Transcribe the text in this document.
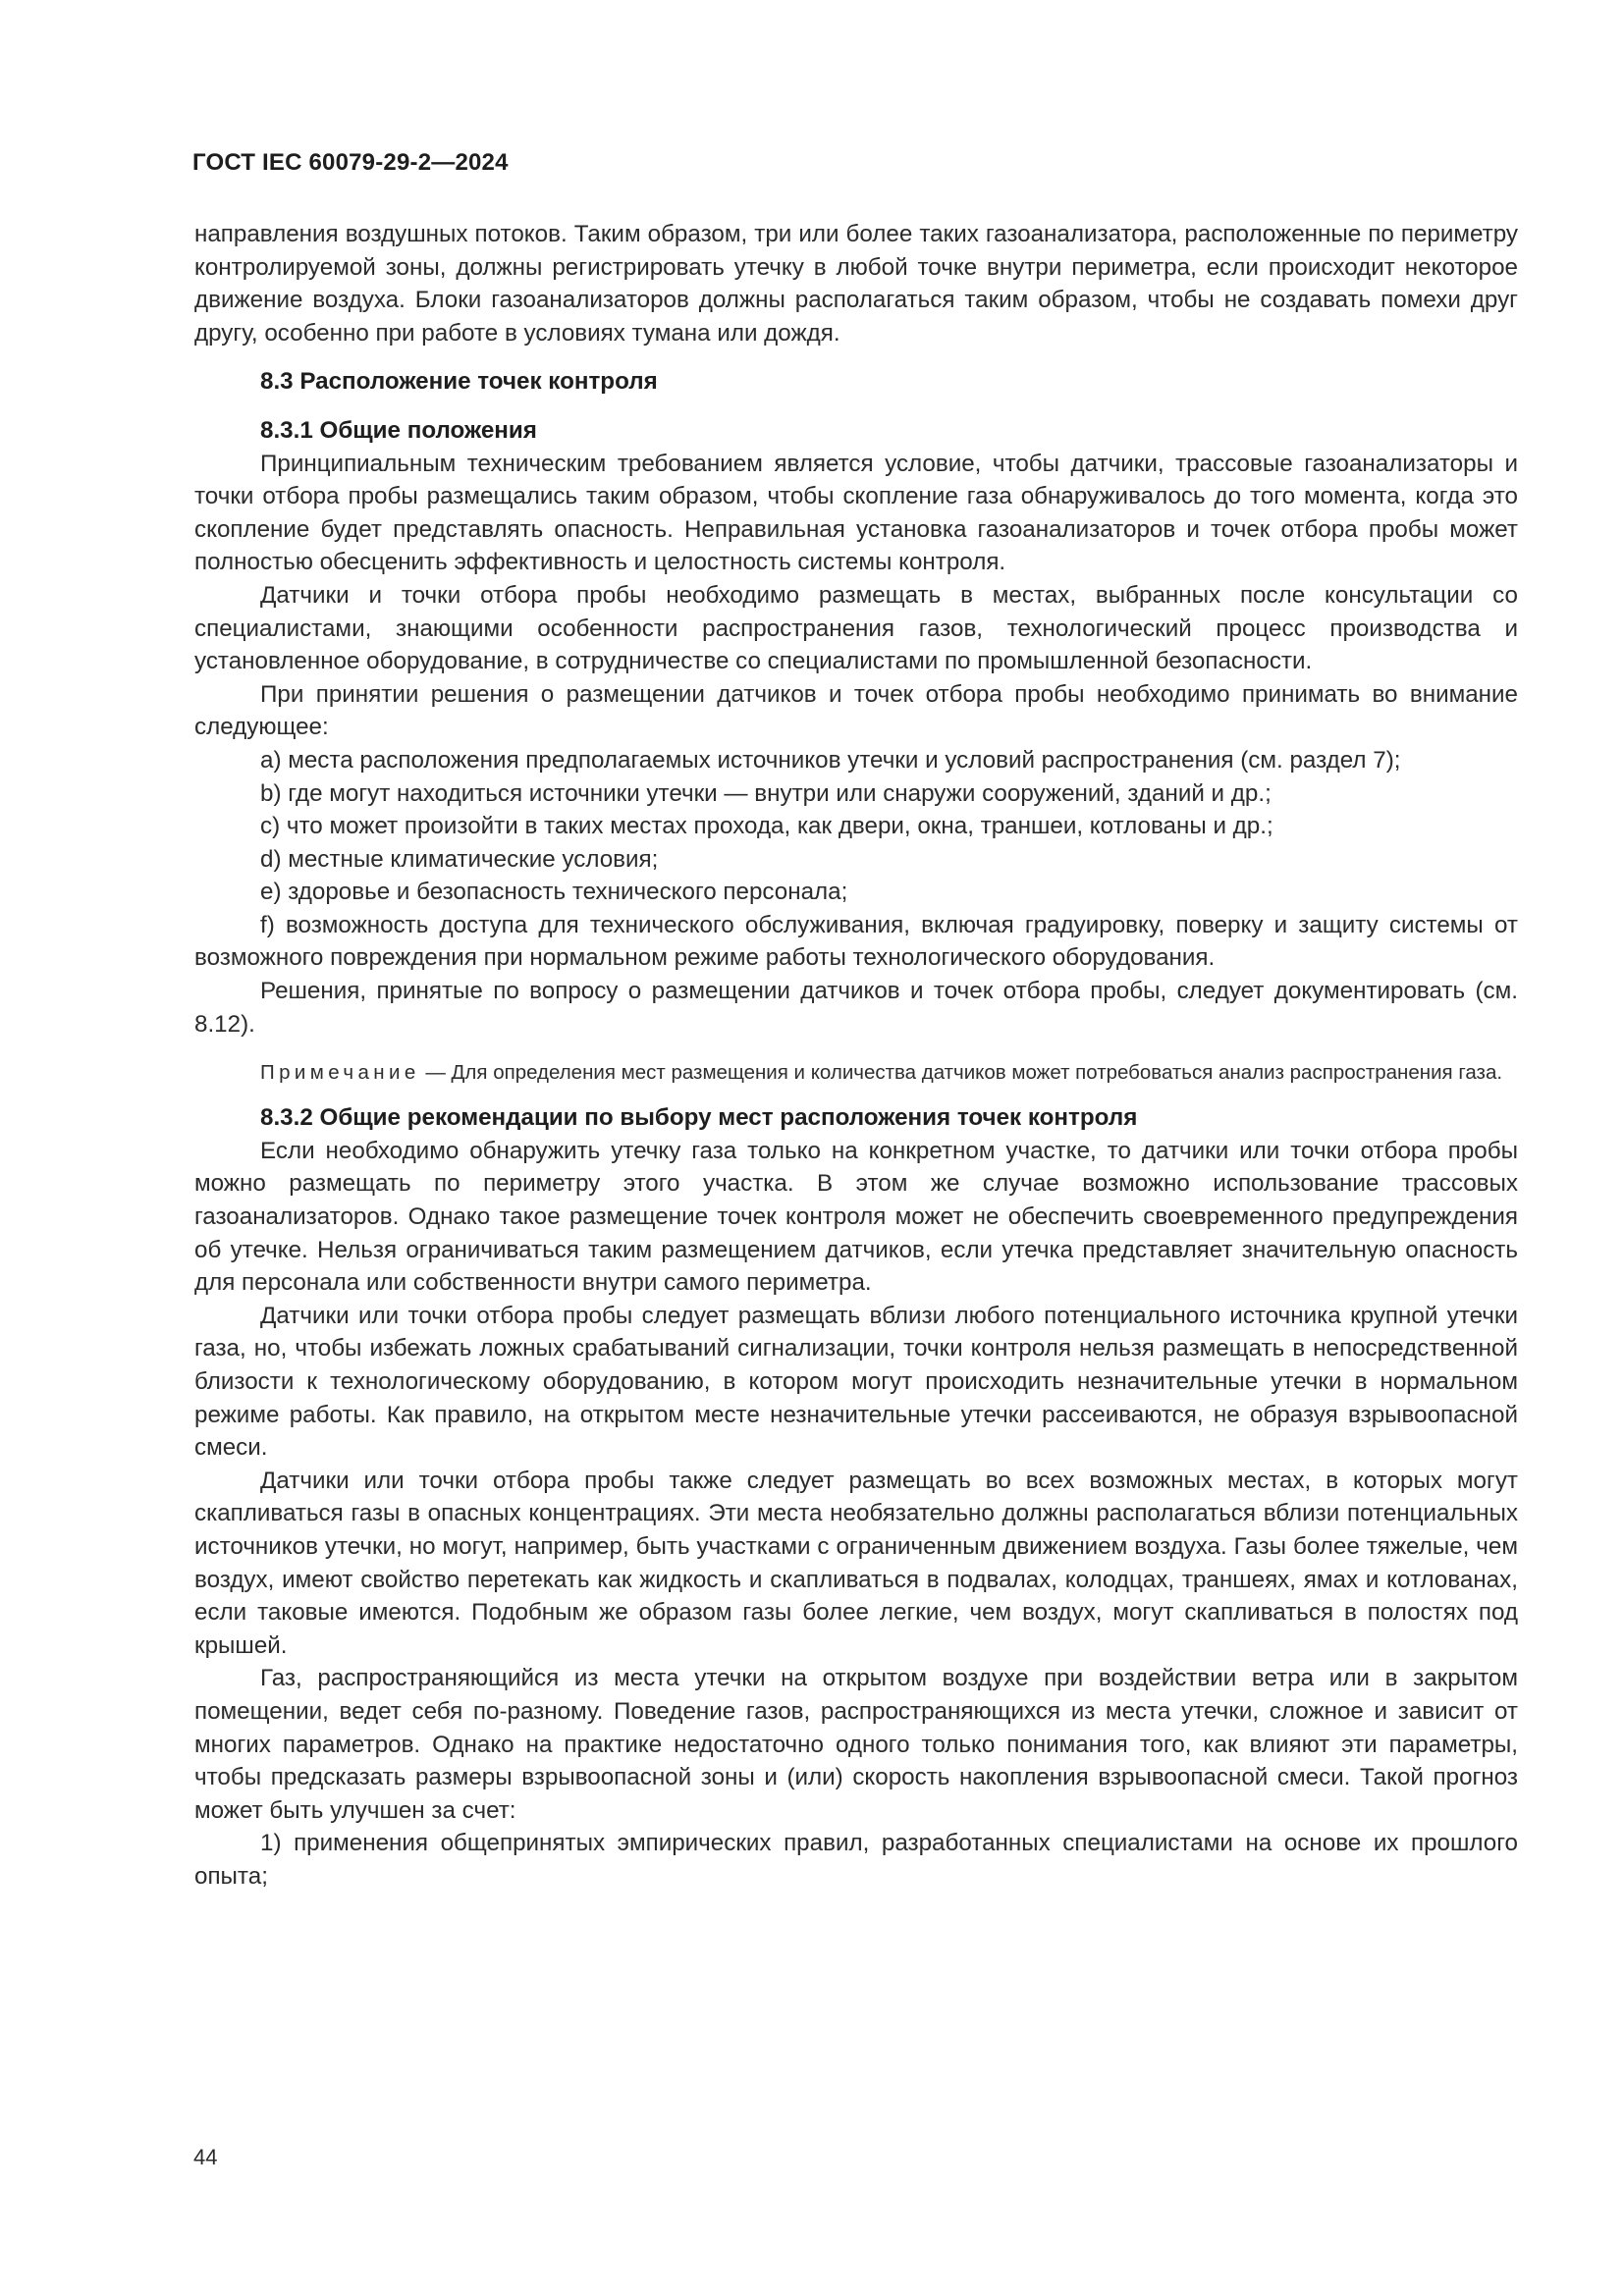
ГОСТ IEC 60079-29-2—2024

направления воздушных потоков. Таким образом, три или более таких газоанализатора, расположенные по периметру контролируемой зоны, должны регистрировать утечку в любой точке внутри периметра, если происходит некоторое движение воздуха. Блоки газоанализаторов должны располагаться таким образом, чтобы не создавать помехи друг другу, особенно при работе в условиях тумана или дождя.

8.3 Расположение точек контроля
8.3.1 Общие положения

Принципиальным техническим требованием является условие, чтобы датчики, трассовые газоанализаторы и точки отбора пробы размещались таким образом, чтобы скопление газа обнаруживалось до того момента, когда это скопление будет представлять опасность. Неправильная установка газоанализаторов и точек отбора пробы может полностью обесценить эффективность и целостность системы контроля.

Датчики и точки отбора пробы необходимо размещать в местах, выбранных после консультации со специалистами, знающими особенности распространения газов, технологический процесс производства и установленное оборудование, в сотрудничестве со специалистами по промышленной безопасности.

При принятии решения о размещении датчиков и точек отбора пробы необходимо принимать во внимание следующее:

a) места расположения предполагаемых источников утечки и условий распространения (см. раздел 7);

b) где могут находиться источники утечки — внутри или снаружи сооружений, зданий и др.;

c) что может произойти в таких местах прохода, как двери, окна, траншеи, котлованы и др.;

d) местные климатические условия;

e) здоровье и безопасность технического персонала;

f) возможность доступа для технического обслуживания, включая градуировку, поверку и защиту системы от возможного повреждения при нормальном режиме работы технологического оборудования.

Решения, принятые по вопросу о размещении датчиков и точек отбора пробы, следует документировать (см. 8.12).

Примечание — Для определения мест размещения и количества датчиков может потребоваться анализ распространения газа.
8.3.2 Общие рекомендации по выбору мест расположения точек контроля

Если необходимо обнаружить утечку газа только на конкретном участке, то датчики или точки отбора пробы можно размещать по периметру этого участка. В этом же случае возможно использование трассовых газоанализаторов. Однако такое размещение точек контроля может не обеспечить своевременного предупреждения об утечке. Нельзя ограничиваться таким размещением датчиков, если утечка представляет значительную опасность для персонала или собственности внутри самого периметра.

Датчики или точки отбора пробы следует размещать вблизи любого потенциального источника крупной утечки газа, но, чтобы избежать ложных срабатываний сигнализации, точки контроля нельзя размещать в непосредственной близости к технологическому оборудованию, в котором могут происходить незначительные утечки в нормальном режиме работы. Как правило, на открытом месте незначительные утечки рассеиваются, не образуя взрывоопасной смеси.

Датчики или точки отбора пробы также следует размещать во всех возможных местах, в которых могут скапливаться газы в опасных концентрациях. Эти места необязательно должны располагаться вблизи потенциальных источников утечки, но могут, например, быть участками с ограниченным движением воздуха. Газы более тяжелые, чем воздух, имеют свойство перетекать как жидкость и скапливаться в подвалах, колодцах, траншеях, ямах и котлованах, если таковые имеются. Подобным же образом газы более легкие, чем воздух, могут скапливаться в полостях под крышей.

Газ, распространяющийся из места утечки на открытом воздухе при воздействии ветра или в закрытом помещении, ведет себя по-разному. Поведение газов, распространяющихся из места утечки, сложное и зависит от многих параметров. Однако на практике недостаточно одного только понимания того, как влияют эти параметры, чтобы предсказать размеры взрывоопасной зоны и (или) скорость накопления взрывоопасной смеси. Такой прогноз может быть улучшен за счет:

1) применения общепринятых эмпирических правил, разработанных специалистами на основе их прошлого опыта;

44
